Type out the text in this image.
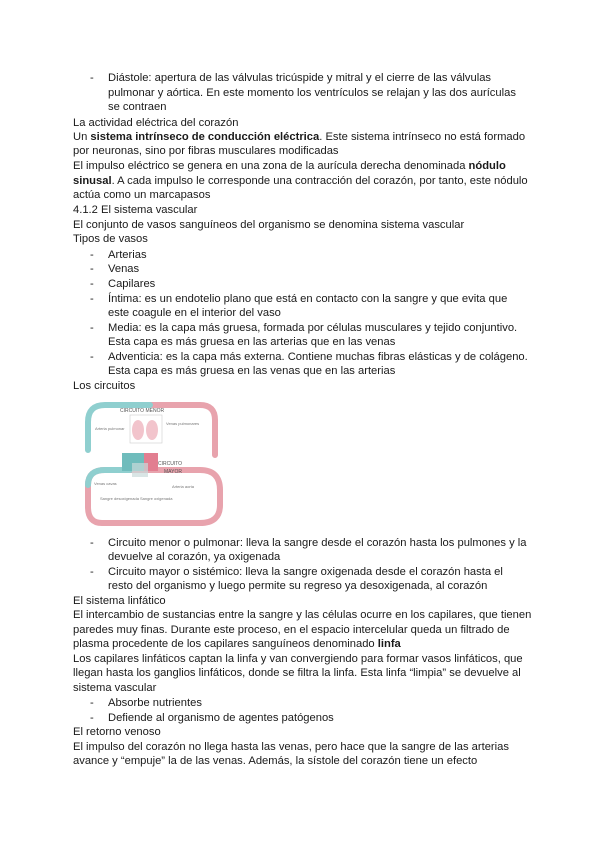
- Diástole: apertura de las válvulas tricúspide y mitral y el cierre de las válvulas
pulmonar y aórtica. En este momento los ventrículos se relajan y las dos aurículas
se contraen
La actividad eléctrica del corazón
Un sistema intrínseco de conducción eléctrica. Este sistema intrínseco no está formado
por neuronas, sino por fibras musculares modificadas
El impulso eléctrico se genera en una zona de la aurícula derecha denominada nódulo
sinusal. A cada impulso le corresponde una contracción del corazón, por tanto, este nódulo
actúa como un marcapasos
4.1.2 El sistema vascular
El conjunto de vasos sanguíneos del organismo se denomina sistema vascular
Tipos de vasos
- Arterias
- Venas
- Capilares
- Íntima: es un endotelio plano que está en contacto con la sangre y que evita que
este coagule en el interior del vaso
- Media: es la capa más gruesa, formada por células musculares y tejido conjuntivo.
Esta capa es más gruesa en las arterias que en las venas
- Adventicia: es la capa más externa. Contiene muchas fibras elásticas y de colágeno.
Esta capa es más gruesa en las venas que en las arterias
Los circuitos
CIRCUITO MENOR
CIRCUITO
MAYOR
Arteria pulmonar
Venas pulmonares
Venas cavas
Sangre desoxigenada Sangre oxigenada
Arteria aorta
- Circuito menor o pulmonar: lleva la sangre desde el corazón hasta los pulmones y la
devuelve al corazón, ya oxigenada
- Circuito mayor o sistémico: lleva la sangre oxigenada desde el corazón hasta el
resto del organismo y luego permite su regreso ya desoxigenada, al corazón
El sistema linfático
El intercambio de sustancias entre la sangre y las células ocurre en los capilares, que tienen
paredes muy finas. Durante este proceso, en el espacio intercelular queda un filtrado de
plasma procedente de los capilares sanguíneos denominado linfa
Los capilares linfáticos captan la linfa y van convergiendo para formar vasos linfáticos, que
llegan hasta los ganglios linfáticos, donde se filtra la linfa. Esta linfa “limpia” se devuelve al
sistema vascular
- Absorbe nutrientes
- Defiende al organismo de agentes patógenos
El retorno venoso
El impulso del corazón no llega hasta las venas, pero hace que la sangre de las arterias
avance y “empuje” la de las venas. Además, la sístole del corazón tiene un efecto
